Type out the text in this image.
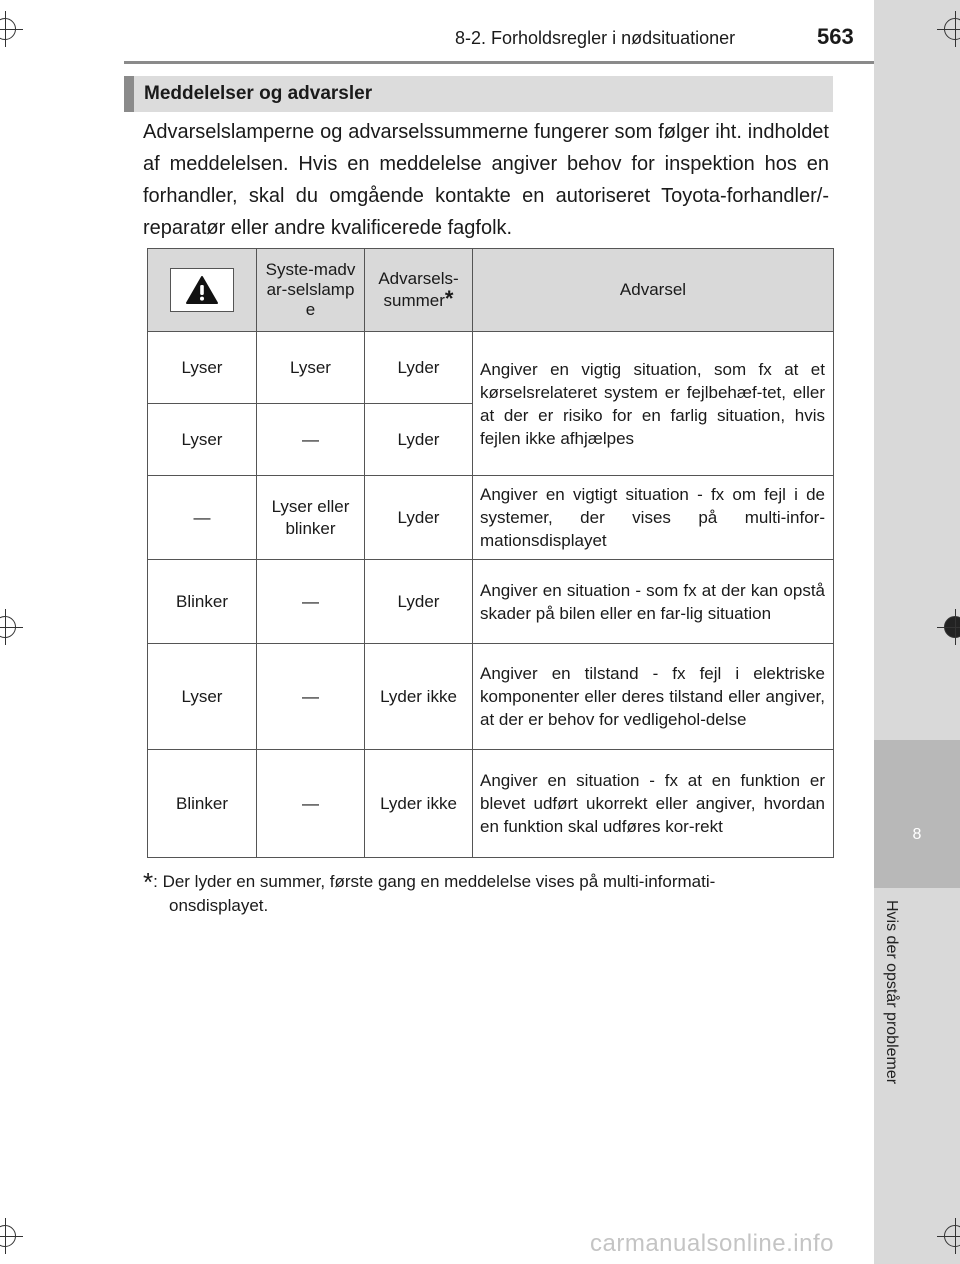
8
Hvis der opstår problemer
8-2. Forholdsregler i nødsituationer	563
Meddelelser og advarsler
Advarselslamperne og advarselssummerne fungerer som følger iht. indholdet af meddelelsen. Hvis en meddelelse angiver behov for inspektion hos en forhandler, skal du omgående kontakte en autoriseret Toyota-forhandler/-reparatør eller andre kvalificerede fagfolk.
	Syste-madvar-selslampe	Advarsels-summer*	Advarsel
Lyser	Lyser	Lyder	Angiver en vigtig situation, som fx at et kørselsrelateret system er fejlbehæf-tet, eller at der er risiko for en farlig situation, hvis fejlen ikke afhjælpes
Lyser	—	Lyder	
—	Lyser eller blinker	Lyder	Angiver en vigtigt situation - fx om fejl i de systemer, der vises på multi-infor-mationsdisplayet
Blinker	—	Lyder	Angiver en situation - som fx at der kan opstå skader på bilen eller en far-lig situation
Lyser	—	Lyder ikke	Angiver en tilstand - fx fejl i elektriske komponenter eller deres tilstand eller angiver, at der er behov for vedligehol-delse
Blinker	—	Lyder ikke	Angiver en situation - fx at en funktion er blevet udført ukorrekt eller angiver, hvordan en funktion skal udføres kor-rekt
*: Der lyder en summer, første gang en meddelelse vises på multi-informati-
onsdisplayet.
carmanualsonline.info
